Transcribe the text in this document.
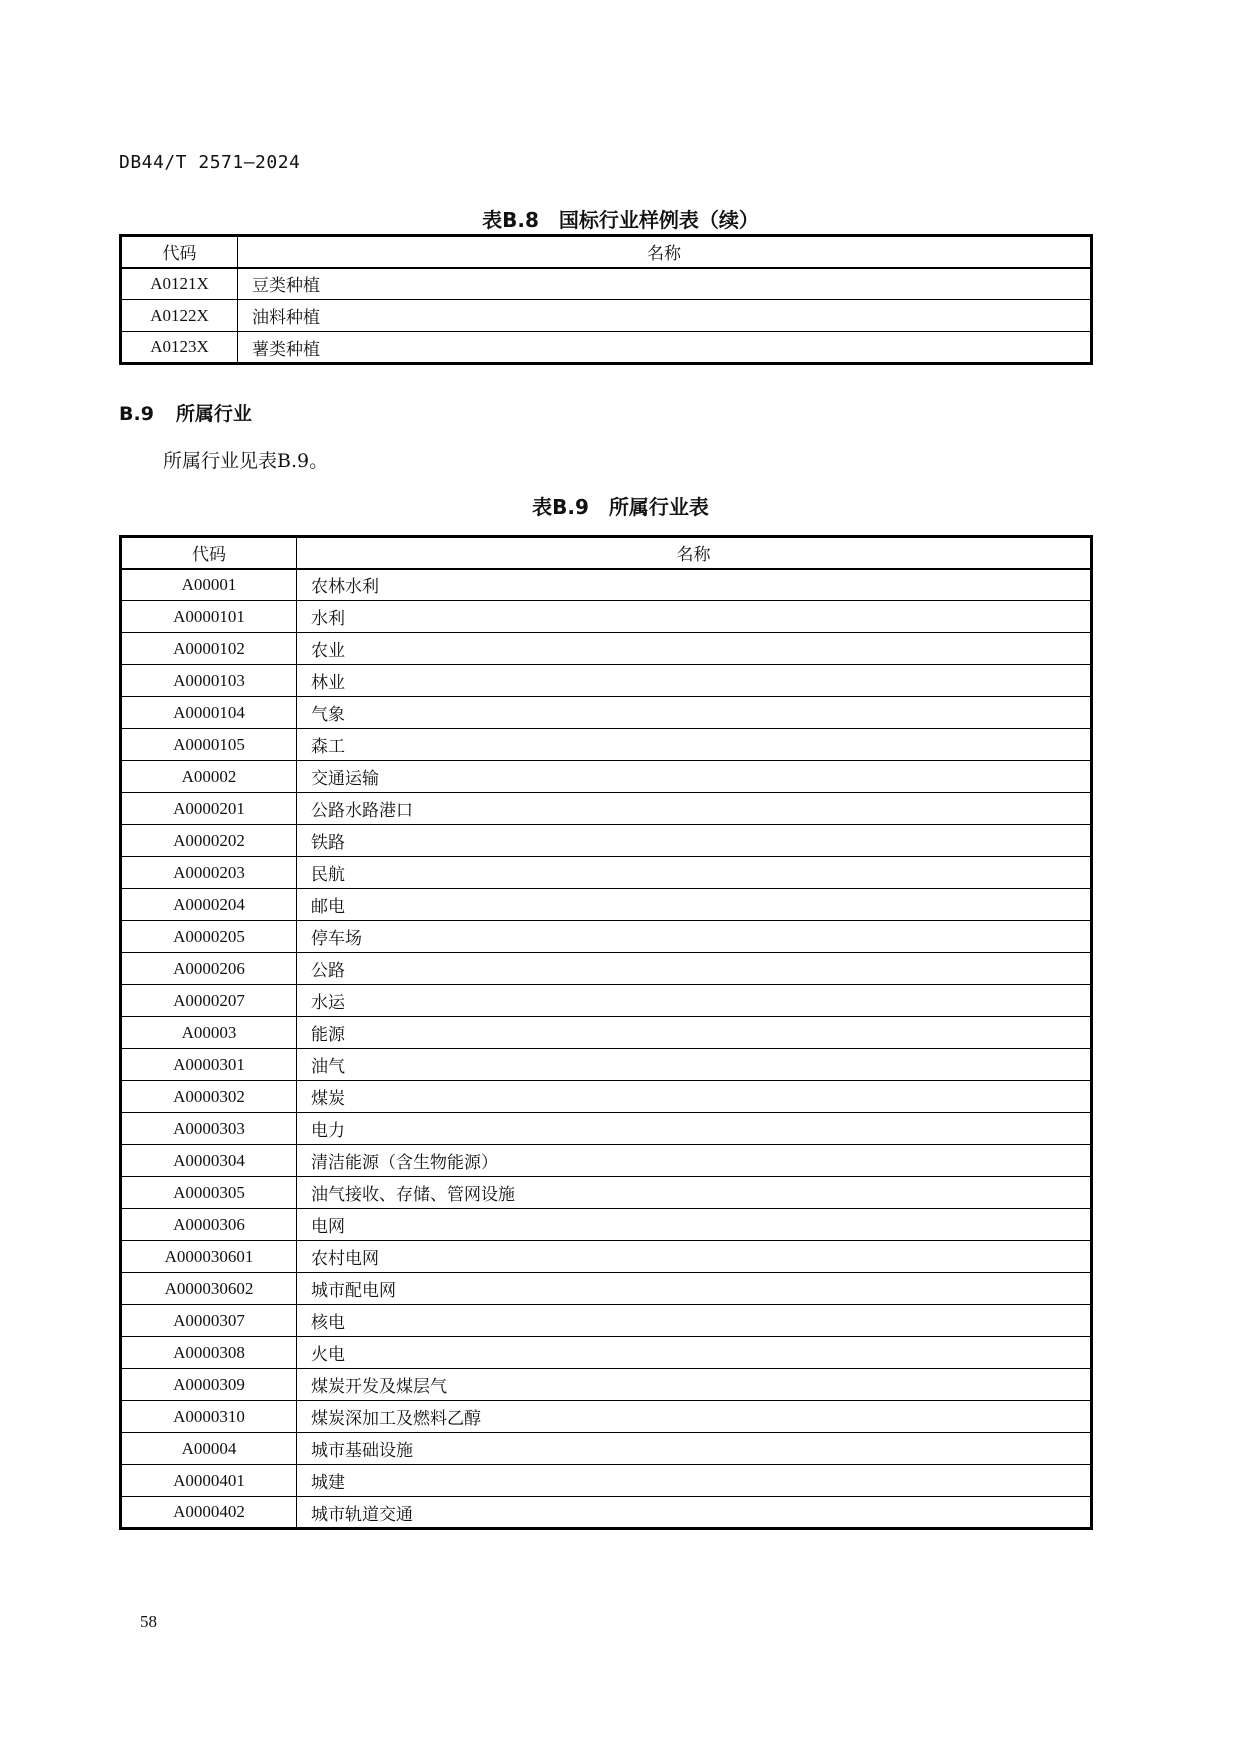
DB44/T 2571—2024
表B.8　国标行业样例表（续）
代码	名称
A0121X	豆类种植
A0122X	油料种植
A0123X	薯类种植
B.9 所属行业
所属行业见表B.9。
表B.9　所属行业表
代码	名称
A00001	农林水利
A0000101	水利
A0000102	农业
A0000103	林业
A0000104	气象
A0000105	森工
A00002	交通运输
A0000201	公路水路港口
A0000202	铁路
A0000203	民航
A0000204	邮电
A0000205	停车场
A0000206	公路
A0000207	水运
A00003	能源
A0000301	油气
A0000302	煤炭
A0000303	电力
A0000304	清洁能源（含生物能源）
A0000305	油气接收、存储、管网设施
A0000306	电网
A000030601	农村电网
A000030602	城市配电网
A0000307	核电
A0000308	火电
A0000309	煤炭开发及煤层气
A0000310	煤炭深加工及燃料乙醇
A00004	城市基础设施
A0000401	城建
A0000402	城市轨道交通
58
